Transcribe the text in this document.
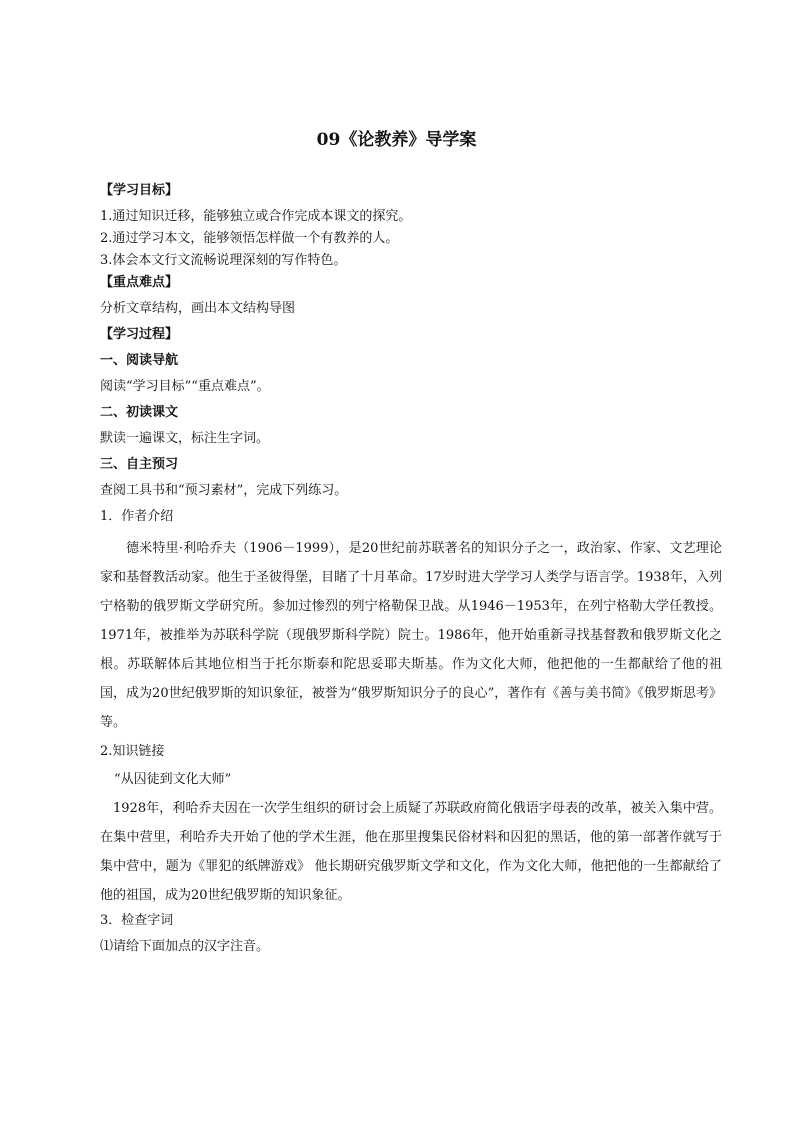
09《论教养》导学案
【学习目标】
1.通过知识迁移，能够独立或合作完成本课文的探究。
2.通过学习本文，能够领悟怎样做一个有教养的人。
3.体会本文行文流畅说理深刻的写作特色。
【重点难点】
分析文章结构，画出本文结构导图
【学习过程】
一、阅读导航
阅读“学习目标”“重点难点”。
二、初读课文
默读一遍课文，标注生字词。
三、自主预习
查阅工具书和“预习素材”，完成下列练习。
1．作者介绍

德米特里·利哈乔夫（1906－1999），是20世纪前苏联著名的知识分子之一，政治家、作家、文艺理论家和基督教活动家。他生于圣彼得堡，目睹了十月革命。17岁时进大学学习人类学与语言学。1938年，入列宁格勒的俄罗斯文学研究所。参加过惨烈的列宁格勒保卫战。从1946－1953年，在列宁格勒大学任教授。1971年，被推举为苏联科学院（现俄罗斯科学院）院士。1986年，他开始重新寻找基督教和俄罗斯文化之根。苏联解体后其地位相当于托尔斯泰和陀思妥耶夫斯基。作为文化大师，他把他的一生都献给了他的祖国，成为20世纪俄罗斯的知识象征，被誉为“俄罗斯知识分子的良心”，著作有《善与美书简》《俄罗斯思考》等。

2.知识链接
“从囚徒到文化大师”

1928年，利哈乔夫因在一次学生组织的研讨会上质疑了苏联政府简化俄语字母表的改革，被关入集中营。在集中营里，利哈乔夫开始了他的学术生涯，他在那里搜集民俗材料和囚犯的黑话，他的第一部著作就写于集中营中，题为《罪犯的纸牌游戏》 他长期研究俄罗斯文学和文化，作为文化大师，他把他的一生都献给了他的祖国，成为20世纪俄罗斯的知识象征。

3．检查字词
⑴请给下面加点的汉字注音。
